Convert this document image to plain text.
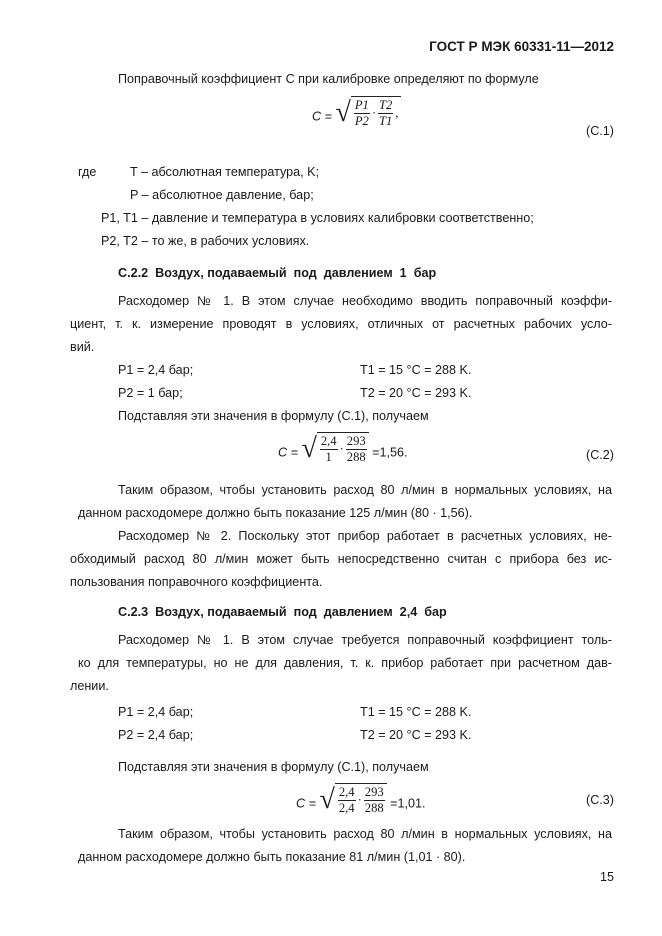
ГОСТ Р МЭК 60331-11—2012
Поправочный коэффициент C при калибровке определяют по формуле
C = √ $\frac{P1}{P2} \cdot \frac{T2}{T1}$ ,
(C.1)
где	T – абсолютная температура, K;
P – абсолютное давление, бар;
P1, T1 – давление и температура в условиях калибровки соответственно;
P2, T2 – то же, в рабочих условиях.
C.2.2  Воздух, подаваемый  под  давлением  1  бар
Расходомер № 1. В этом случае необходимо вводить поправочный коэффи-
циент, т. к. измерение проводят в условиях, отличных от расчетных рабочих усло-
вий.
P1 = 2,4 бар;	T1 = 15 °C = 288 K.
P2 = 1 бар;	T2 = 20 °C = 293 K.
Подставляя эти значения в формулу (C.1), получаем
C = √ $\frac{2,4}{1} \cdot \frac{293}{288} =1,56$.	(C.2)
Таким образом, чтобы установить расход 80 л/мин в нормальных условиях, на
данном расходомере должно быть показание 125 л/мин (80 · 1,56).
Расходомер № 2. Поскольку этот прибор работает в расчетных условиях, не-
обходимый расход 80 л/мин может быть непосредственно считан с прибора без ис-
пользования поправочного коэффициента.
C.2.3  Воздух, подаваемый  под  давлением  2,4  бар
Расходомер № 1. В этом случае требуется поправочный коэффициент толь-
ко для температуры, но не для давления, т. к. прибор работает при расчетном дав-
лении.
P1 = 2,4 бар;	T1 = 15 °C = 288 K.
P2 = 2,4 бар;	T2 = 20 °C = 293 K.
Подставляя эти значения в формулу (C.1), получаем
C = √ $\frac{2,4}{2,4} \cdot \frac{293}{288} =1,01$.	(C.3)
Таким образом, чтобы установить расход 80 л/мин в нормальных условиях, на
данном расходомере должно быть показание 81 л/мин (1,01 · 80).
15
